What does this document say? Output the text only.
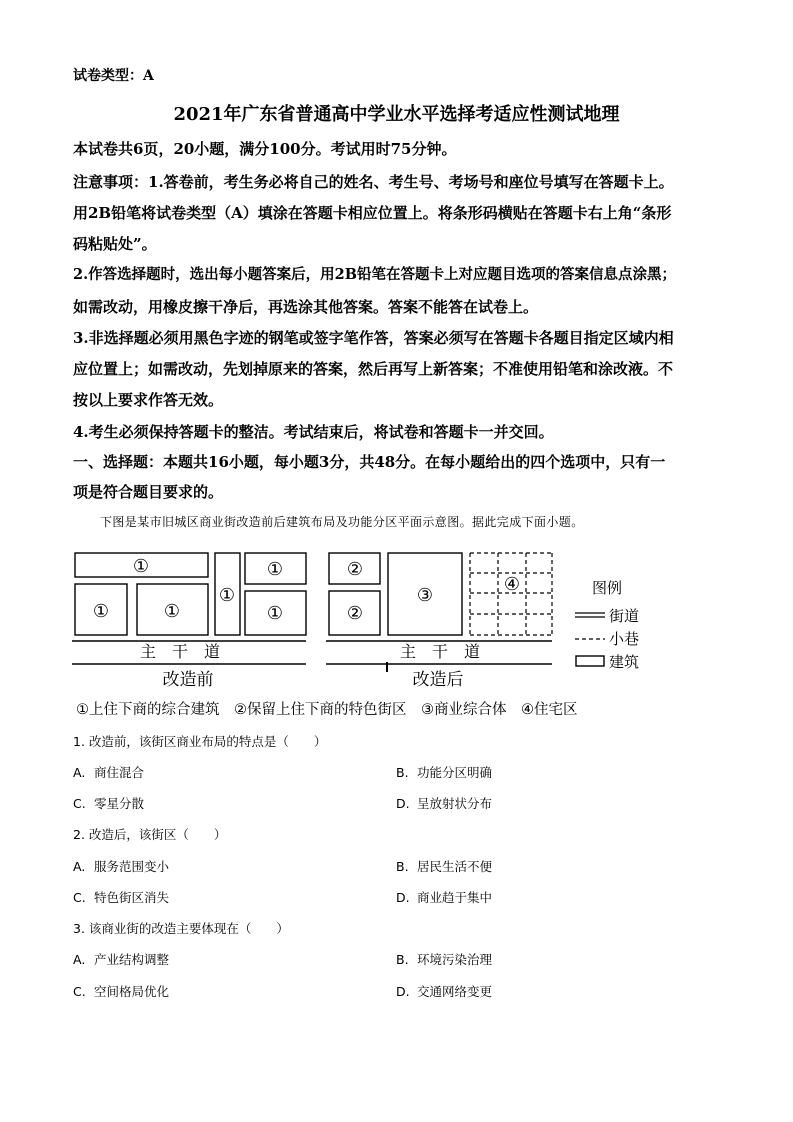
试卷类型：A
2021年广东省普通高中学业水平选择考适应性测试地理
本试卷共6页，20小题，满分100分。考试用时75分钟。
注意事项：1.答卷前，考生务必将自己的姓名、考生号、考场号和座位号填写在答题卡上。
用2B铅笔将试卷类型（A）填涂在答题卡相应位置上。将条形码横贴在答题卡右上角“条形
码粘贴处”。
2.作答选择题时，选出每小题答案后，用2B铅笔在答题卡上对应题目选项的答案信息点涂黑；
如需改动，用橡皮擦干净后，再选涂其他答案。答案不能答在试卷上。
3.非选择题必须用黑色字迹的钢笔或签字笔作答，答案必须写在答题卡各题目指定区域内相
应位置上；如需改动，先划掉原来的答案，然后再写上新答案；不准使用铅笔和涂改液。不
按以上要求作答无效。
4.考生必须保持答题卡的整洁。考试结束后，将试卷和答题卡一并交回。
一、选择题：本题共16小题，每小题3分，共48分。在每小题给出的四个选项中，只有一
项是符合题目要求的。
下图是某市旧城区商业街改造前后建筑布局及功能分区平面示意图。据此完成下面小题。
①
①	①
①
①
①
②
②
③
④
主　干　道	主　干　道
改造前	改造后
图例
街道
小巷
建筑
①上住下商的综合建筑　②保留上住下商的特色街区　③商业综合体　④住宅区
1. 改造前，该街区商业布局的特点是（　　）
A. 商住混合	B. 功能分区明确
C. 零星分散	D. 呈放射状分布
2. 改造后，该街区（　　）
A. 服务范围变小	B. 居民生活不便
C. 特色街区消失	D. 商业趋于集中
3. 该商业街的改造主要体现在（　　）
A. 产业结构调整	B. 环境污染治理
C. 空间格局优化	D. 交通网络变更
